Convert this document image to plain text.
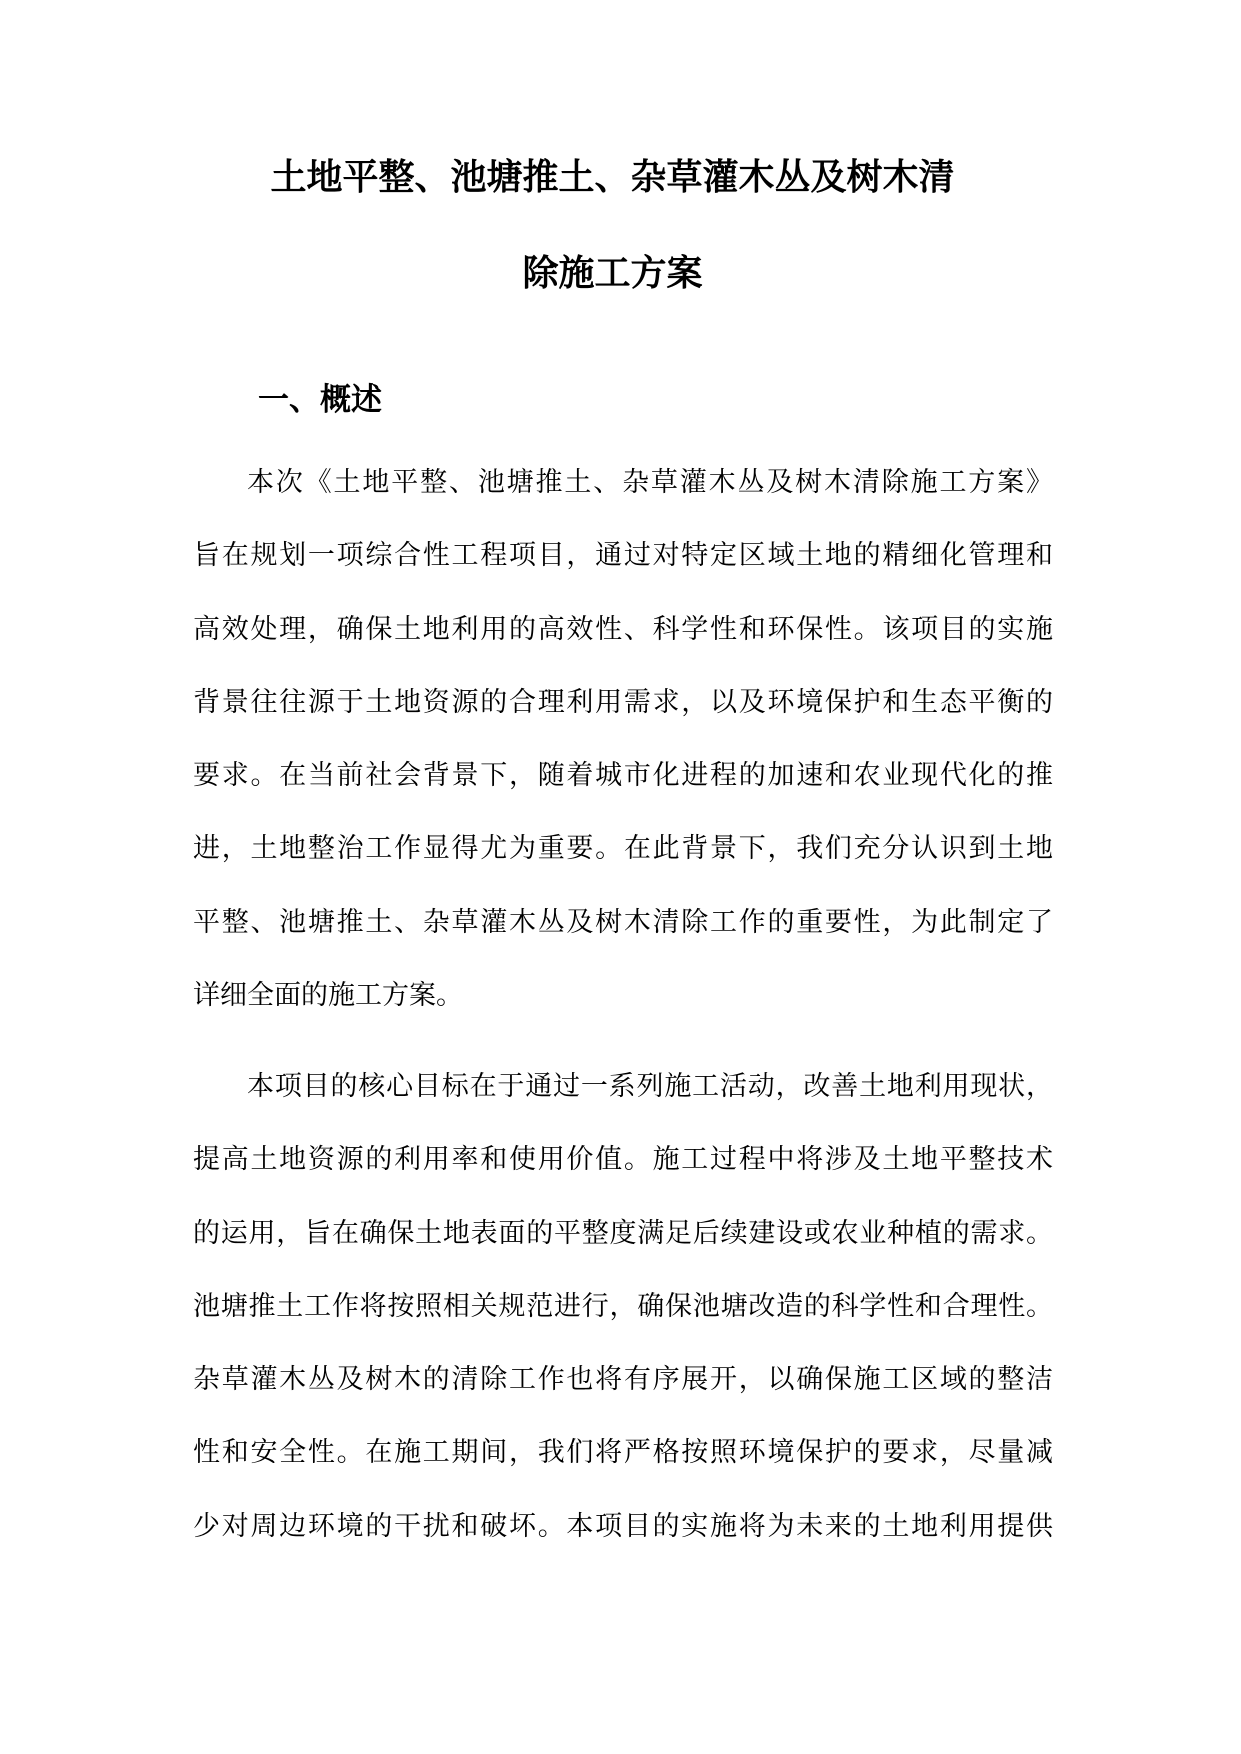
土地平整、池塘推土、杂草灌木丛及树木清
除施工方案
一、概述
本次《土地平整、池塘推土、杂草灌木丛及树木清除施工方案》
旨在规划一项综合性工程项目，通过对特定区域土地的精细化管理和
高效处理，确保土地利用的高效性、科学性和环保性。该项目的实施
背景往往源于土地资源的合理利用需求，以及环境保护和生态平衡的
要求。在当前社会背景下，随着城市化进程的加速和农业现代化的推
进，土地整治工作显得尤为重要。在此背景下，我们充分认识到土地
平整、池塘推土、杂草灌木丛及树木清除工作的重要性，为此制定了
详细全面的施工方案。
本项目的核心目标在于通过一系列施工活动，改善土地利用现状，
提高土地资源的利用率和使用价值。施工过程中将涉及土地平整技术
的运用，旨在确保土地表面的平整度满足后续建设或农业种植的需求。
池塘推土工作将按照相关规范进行，确保池塘改造的科学性和合理性。
杂草灌木丛及树木的清除工作也将有序展开，以确保施工区域的整洁
性和安全性。在施工期间，我们将严格按照环境保护的要求，尽量减
少对周边环境的干扰和破坏。本项目的实施将为未来的土地利用提供
